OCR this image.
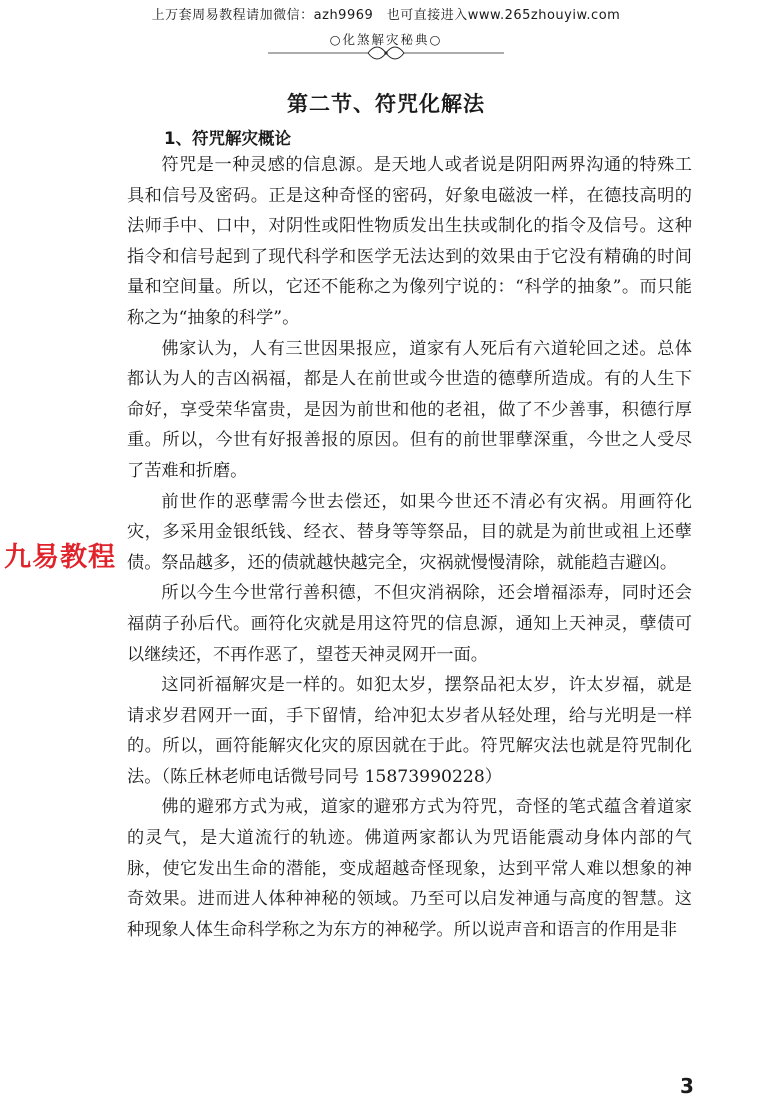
上万套周易教程请加微信：azh9969　也可直接进入www.265zhouyiw.com
○化煞解灾秘典○
第二节、符咒化解法
1、符咒解灾概论

符咒是一种灵感的信息源。是天地人或者说是阴阳两界沟通的特殊工具和信号及密码。正是这种奇怪的密码，好象电磁波一样，在德技高明的法师手中、口中，对阴性或阳性物质发出生扶或制化的指令及信号。这种指令和信号起到了现代科学和医学无法达到的效果由于它没有精确的时间量和空间量。所以，它还不能称之为像列宁说的：“科学的抽象”。而只能称之为“抽象的科学”。

佛家认为，人有三世因果报应，道家有人死后有六道轮回之述。总体都认为人的吉凶祸福，都是人在前世或今世造的德孽所造成。有的人生下命好，享受荣华富贵，是因为前世和他的老祖，做了不少善事，积德行厚重。所以，今世有好报善报的原因。但有的前世罪孽深重，今世之人受尽了苦难和折磨。

前世作的恶孽需今世去偿还，如果今世还不清必有灾祸。用画符化灾，多采用金银纸钱、经衣、替身等等祭品，目的就是为前世或祖上还孽债。祭品越多，还的债就越快越完全，灾祸就慢慢清除，就能趋吉避凶。

所以今生今世常行善积德，不但灾消祸除，还会增福添寿，同时还会福荫子孙后代。画符化灾就是用这符咒的信息源，通知上天神灵，孽债可以继续还，不再作恶了，望苍天神灵网开一面。

这同祈福解灾是一样的。如犯太岁，摆祭品祀太岁，许太岁福，就是请求岁君网开一面，手下留情，给冲犯太岁者从轻处理，给与光明是一样的。所以，画符能解灾化灾的原因就在于此。符咒解灾法也就是符咒制化法。（陈丘林老师电话微号同号 15873990228）

佛的避邪方式为戒，道家的避邪方式为符咒，奇怪的笔式蕴含着道家的灵气，是大道流行的轨迹。佛道两家都认为咒语能震动身体内部的气脉，使它发出生命的潜能，变成超越奇怪现象，达到平常人难以想象的神奇效果。进而进人体种神秘的领域。乃至可以启发神通与高度的智慧。这种现象人体生命科学称之为东方的神秘学。所以说声音和语言的作用是非

九易教程
3
